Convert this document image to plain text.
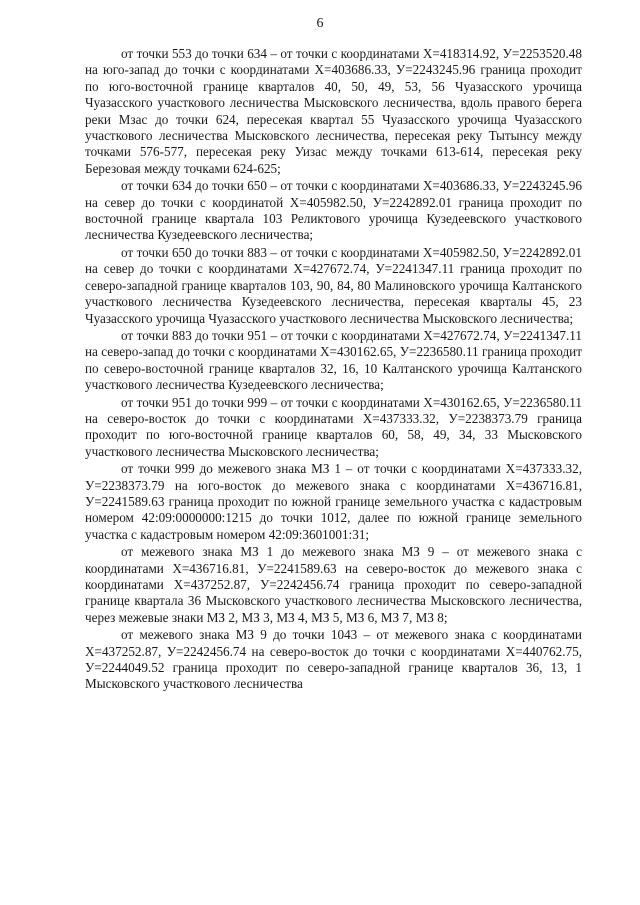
6

от точки 553 до точки 634 – от точки с координатами X=418314.92, У=2253520.48 на юго-запад до точки с координатами X=403686.33, У=2243245.96 граница проходит по юго-восточной границе кварталов 40, 50, 49, 53, 56 Чуазасского урочища Чуазасского участкового лесничества Мысковского лесничества, вдоль правого берега реки Мзас до точки 624, пересекая квартал 55 Чуазасского урочища Чуазасского участкового лесничества Мысковского лесничества, пересекая реку Тытынсу между точками 576-577, пересекая реку Уизас между точками 613-614, пересекая реку Березовая между точками 624-625;

от точки 634 до точки 650 – от точки с координатами X=403686.33, У=2243245.96 на север до точки с координатой X=405982.50, У=2242892.01 граница проходит по восточной границе квартала 103 Реликтового урочища Кузедеевского участкового лесничества Кузедеевского лесничества;

от точки 650 до точки 883 – от точки с координатами X=405982.50, У=2242892.01 на север до точки с координатами X=427672.74, У=2241347.11 граница проходит по северо-западной границе кварталов 103, 90, 84, 80 Малиновского урочища Калтанского участкового лесничества Кузедеевского лесничества, пересекая кварталы 45, 23 Чуазасского урочища Чуазасского участкового лесничества Мысковского лесничества;

от точки 883 до точки 951 – от точки с координатами X=427672.74, У=2241347.11 на северо-запад до точки с координатами X=430162.65, У=2236580.11 граница проходит по северо-восточной границе кварталов 32, 16, 10 Калтанского урочища Калтанского участкового лесничества Кузедеевского лесничества;

от точки 951 до точки 999 – от точки с координатами X=430162.65, У=2236580.11 на северо-восток до точки с координатами X=437333.32, У=2238373.79 граница проходит по юго-восточной границе кварталов 60, 58, 49, 34, 33 Мысковского участкового лесничества Мысковского лесничества;

от точки 999 до межевого знака МЗ 1 – от точки с координатами X=437333.32, У=2238373.79 на юго-восток до межевого знака с координатами X=436716.81, У=2241589.63 граница проходит по южной границе земельного участка с кадастровым номером 42:09:0000000:1215 до точки 1012, далее по южной границе земельного участка с кадастровым номером 42:09:3601001:31;

от межевого знака МЗ 1 до межевого знака МЗ 9 – от межевого знака с координатами X=436716.81, У=2241589.63 на северо-восток до межевого знака с координатами X=437252.87, У=2242456.74 граница проходит по северо-западной границе квартала 36 Мысковского участкового лесничества Мысковского лесничества, через межевые знаки МЗ 2, МЗ 3, МЗ 4, МЗ 5, МЗ 6, МЗ 7, МЗ 8;

от межевого знака МЗ 9 до точки 1043 – от межевого знака с координатами X=437252.87, У=2242456.74 на северо-восток до точки с координатами X=440762.75, У=2244049.52 граница проходит по северо-западной границе кварталов 36, 13, 1 Мысковского участкового лесничества
